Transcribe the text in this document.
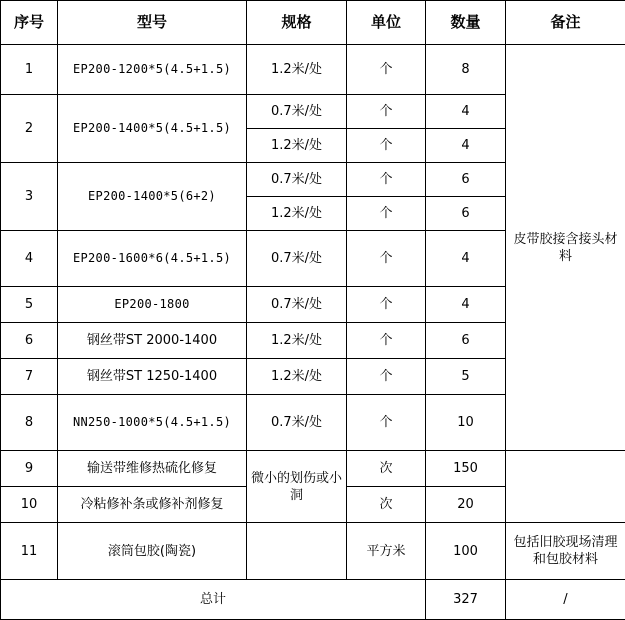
序号	型号	规格	单位	数量	备注
1	EP200-1200*5(4.5+1.5)	1.2米/处	个	8	皮带胶接含接头材料
2	EP200-1400*5(4.5+1.5)	0.7米/处	个	4	
		1.2米/处	个	4	
3	EP200-1400*5(6+2)	0.7米/处	个	6	
		1.2米/处	个	6	
4	EP200-1600*6(4.5+1.5)	0.7米/处	个	4	
5	EP200-1800	0.7米/处	个	4	
6	钢丝带ST 2000-1400	1.2米/处	个	6	
7	钢丝带ST 1250-1400	1.2米/处	个	5	
8	NN250-1000*5(4.5+1.5)	0.7米/处	个	10	
9	输送带维修热硫化修复	微小的划伤或小洞	次	150	
10	冷粘修补条或修补剂修复		次	20	
11	滚筒包胶(陶瓷)		平方米	100	包括旧胶现场清理和包胶材料
总计				327	/
